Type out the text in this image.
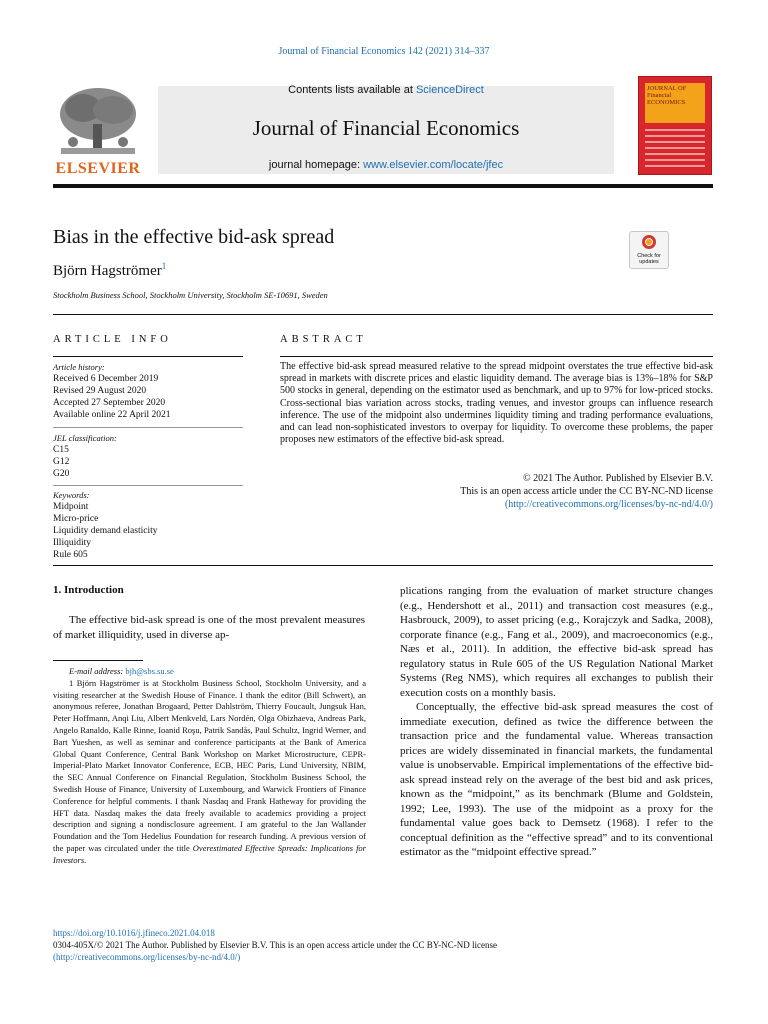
Journal of Financial Economics 142 (2021) 314–337
Contents lists available at ScienceDirect
Journal of Financial Economics
journal homepage: www.elsevier.com/locate/jfec
ELSEVIER
JOURNAL OF Financial ECONOMICS
Bias in the effective bid-ask spread
Check for updates
Björn Hagströmer$^1$
Stockholm Business School, Stockholm University, Stockholm SE-10691, Sweden
ARTICLE INFO	ABSTRACT
Article history:
Received 6 December 2019
Revised 29 August 2020
Accepted 27 September 2020
Available online 22 April 2021
JEL classification:
C15
G12
G20
Keywords:
Midpoint
Micro-price
Liquidity demand elasticity
Illiquidity
Rule 605
The effective bid-ask spread measured relative to the spread midpoint overstates the true effective bid-ask spread in markets with discrete prices and elastic liquidity demand. The average bias is 13%–18% for S&P 500 stocks in general, depending on the estimator used as benchmark, and up to 97% for low-priced stocks. Cross-sectional bias variation across stocks, trading venues, and investor groups can influence research inference. The use of the midpoint also undermines liquidity timing and trading performance evaluations, and can lead non-sophisticated investors to overpay for liquidity. To overcome these problems, the paper proposes new estimators of the effective bid-ask spread.
© 2021 The Author. Published by Elsevier B.V.
This is an open access article under the CC BY-NC-ND license
(http://creativecommons.org/licenses/by-nc-nd/4.0/)
1. Introduction
The effective bid-ask spread is one of the most prevalent measures of market illiquidity, used in diverse ap-

E-mail address: bjh@sbs.su.se

1 Björn Hagströmer is at Stockholm Business School, Stockholm University, and a visiting researcher at the Swedish House of Finance. I thank the editor (Bill Schwert), an anonymous referee, Jonathan Brogaard, Petter Dahlström, Thierry Foucault, Jungsuk Han, Peter Hoffmann, Anqi Liu, Albert Menkveld, Lars Nordén, Olga Obizhaeva, Andreas Park, Angelo Ranaldo, Kalle Rinne, Ioanid Roşu, Patrik Sandås, Paul Schultz, Ingrid Werner, and Bart Yueshen, as well as seminar and conference participants at the Bank of America Global Quant Conference, Central Bank Workshop on Market Microstructure, CEPR-Imperial-Plato Market Innovator Conference, ECB, HEC Paris, Lund University, NBIM, the SEC Annual Conference on Financial Regulation, Stockholm Business School, the Swedish House of Finance, University of Luxembourg, and Warwick Frontiers of Finance Conference for helpful comments. I thank Nasdaq and Frank Hatheway for providing the HFT data. Nasdaq makes the data freely available to academics providing a project description and signing a nondisclosure agreement. I am grateful to the Jan Wallander Foundation and the Tom Hedelius Foundation for research funding. A previous version of the paper was circulated under the title Overestimated Effective Spreads: Implications for Investors.

plications ranging from the evaluation of market structure changes (e.g., Hendershott et al., 2011) and transaction cost measures (e.g., Hasbrouck, 2009), to asset pricing (e.g., Korajczyk and Sadka, 2008), corporate finance (e.g., Fang et al., 2009), and macroeconomics (e.g., Næs et al., 2011). In addition, the effective bid-ask spread has regulatory status in Rule 605 of the US Regulation National Market Systems (Reg NMS), which requires all exchanges to publish their execution costs on a monthly basis.

Conceptually, the effective bid-ask spread measures the cost of immediate execution, defined as twice the difference between the transaction price and the fundamental value. Whereas transaction prices are widely disseminated in financial markets, the fundamental value is unobservable. Empirical implementations of the effective bid-ask spread instead rely on the average of the best bid and ask prices, known as the “midpoint,” as its benchmark (Blume and Goldstein, 1992; Lee, 1993). The use of the midpoint as a proxy for the fundamental value goes back to Demsetz (1968). I refer to the conceptual definition as the “effective spread” and to its conventional estimator as the “midpoint effective spread.”

https://doi.org/10.1016/j.jfineco.2021.04.018
0304-405X/© 2021 The Author. Published by Elsevier B.V. This is an open access article under the CC BY-NC-ND license
(http://creativecommons.org/licenses/by-nc-nd/4.0/)
